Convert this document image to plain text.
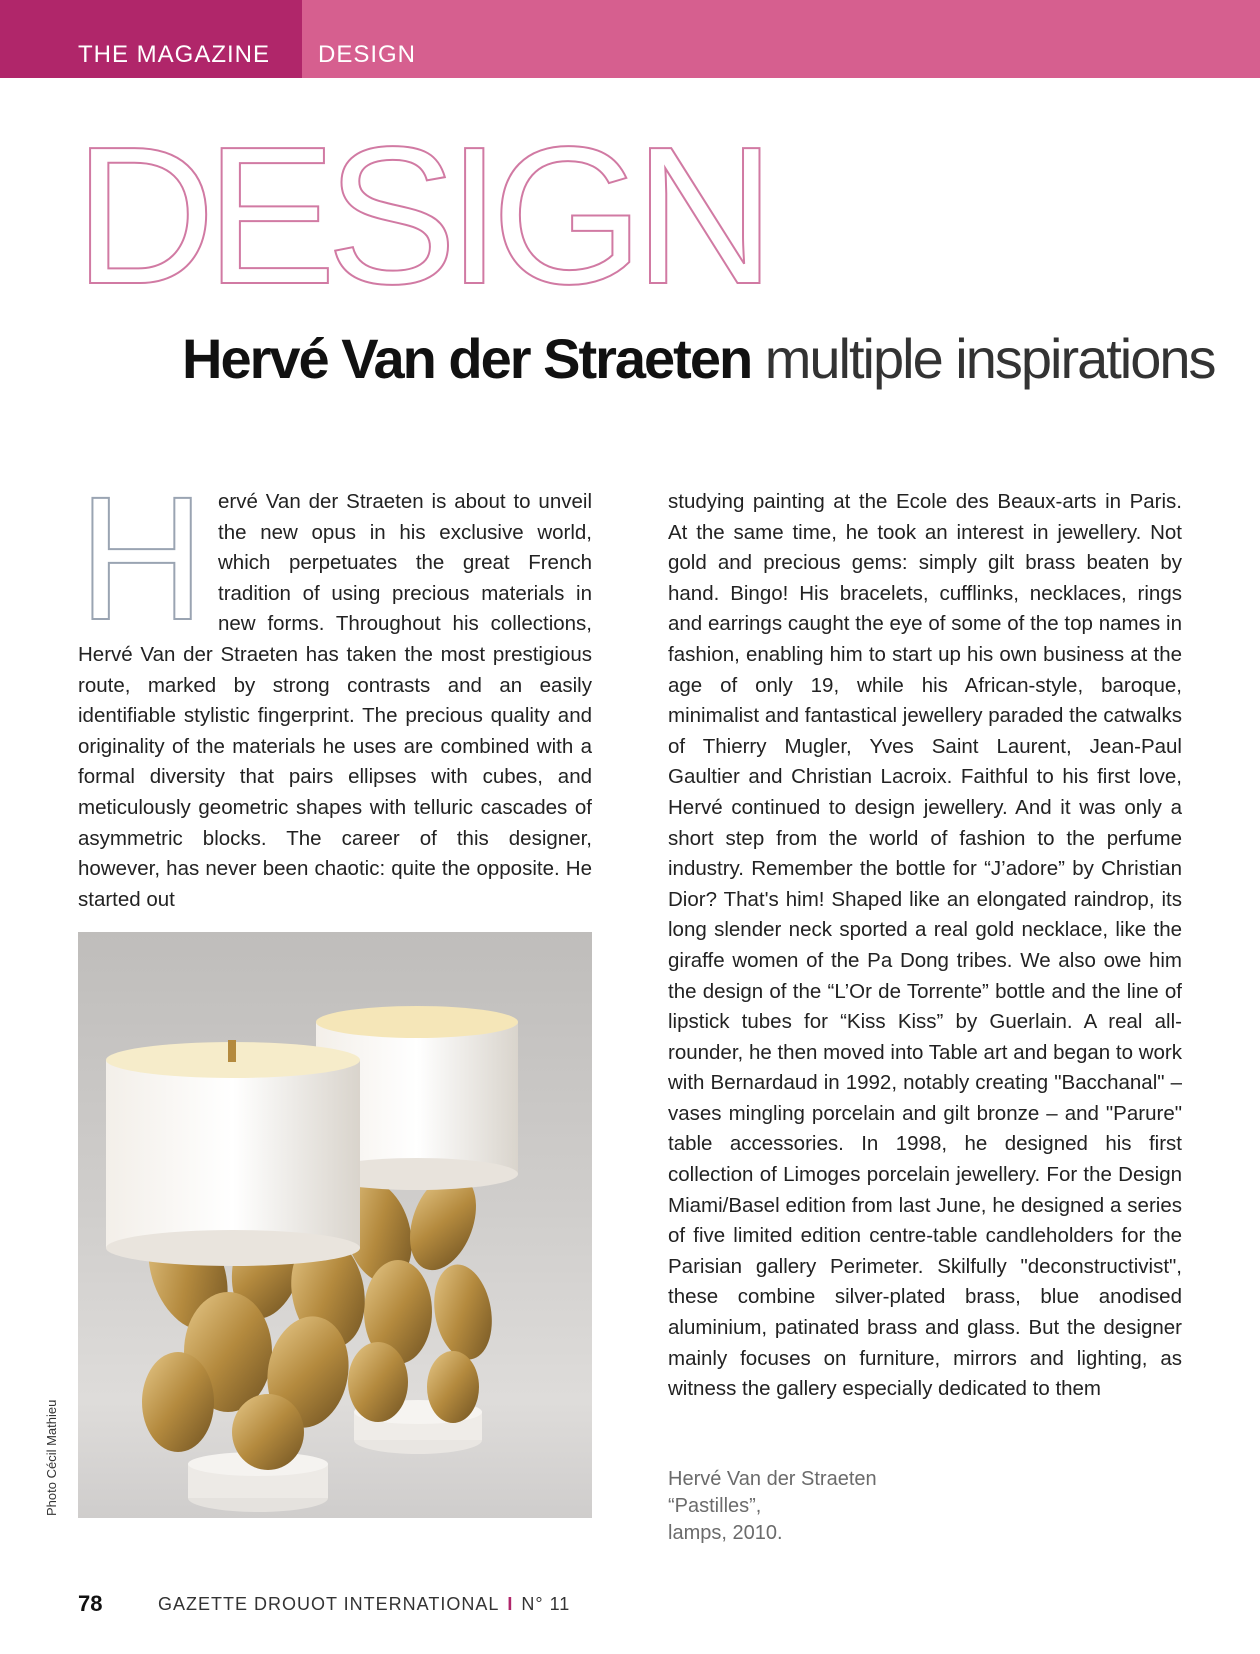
THE MAGAZINE DESIGN
DESIGN
Hervé Van der Straeten multiple inspirations
Hervé Van der Straeten is about to unveil the new opus in his exclusive world, which perpetuates the great French tradition of using precious materials in new forms. Throughout his collections, Hervé Van der Straeten has taken the most prestigious route, marked by strong contrasts and an easily identifiable stylistic fingerprint. The precious quality and originality of the materials he uses are combined with a formal diversity that pairs ellipses with cubes, and meticulously geometric shapes with telluric cascades of asymmetric blocks. The career of this designer, however, has never been chaotic: quite the opposite. He started out
studying painting at the Ecole des Beaux-arts in Paris. At the same time, he took an interest in jewellery. Not gold and precious gems: simply gilt brass beaten by hand. Bingo! His bracelets, cufflinks, necklaces, rings and earrings caught the eye of some of the top names in fashion, enabling him to start up his own business at the age of only 19, while his African-style, baroque, minimalist and fantastical jewellery paraded the catwalks of Thierry Mugler, Yves Saint Laurent, Jean-Paul Gaultier and Christian Lacroix. Faithful to his first love, Hervé continued to design jewellery. And it was only a short step from the world of fashion to the perfume industry. Remember the bottle for “J’adore” by Christian Dior? That's him! Shaped like an elongated raindrop, its long slender neck sported a real gold necklace, like the giraffe women of the Pa Dong tribes. We also owe him the design of the “L’Or de Torrente” bottle and the line of lipstick tubes for “Kiss Kiss” by Guerlain. A real all-rounder, he then moved into Table art and began to work with Bernardaud in 1992, notably creating "Bacchanal" – vases mingling porcelain and gilt bronze – and "Parure" table accessories. In 1998, he designed his first collection of Limoges porcelain jewellery. For the Design Miami/Basel edition from last June, he designed a series of five limited edition centre-table candleholders for the Parisian gallery Perimeter. Skilfully "deconstructivist", these combine silver-plated brass, blue anodised aluminium, patinated brass and glass. But the designer mainly focuses on furniture, mirrors and lighting, as witness the gallery especially dedicated to them
Photo Cécil Mathieu	Hervé Van der Straeten “Pastilles”,
lamps, 2010.
78	GAZETTE DROUOT INTERNATIONAL I N° 11
